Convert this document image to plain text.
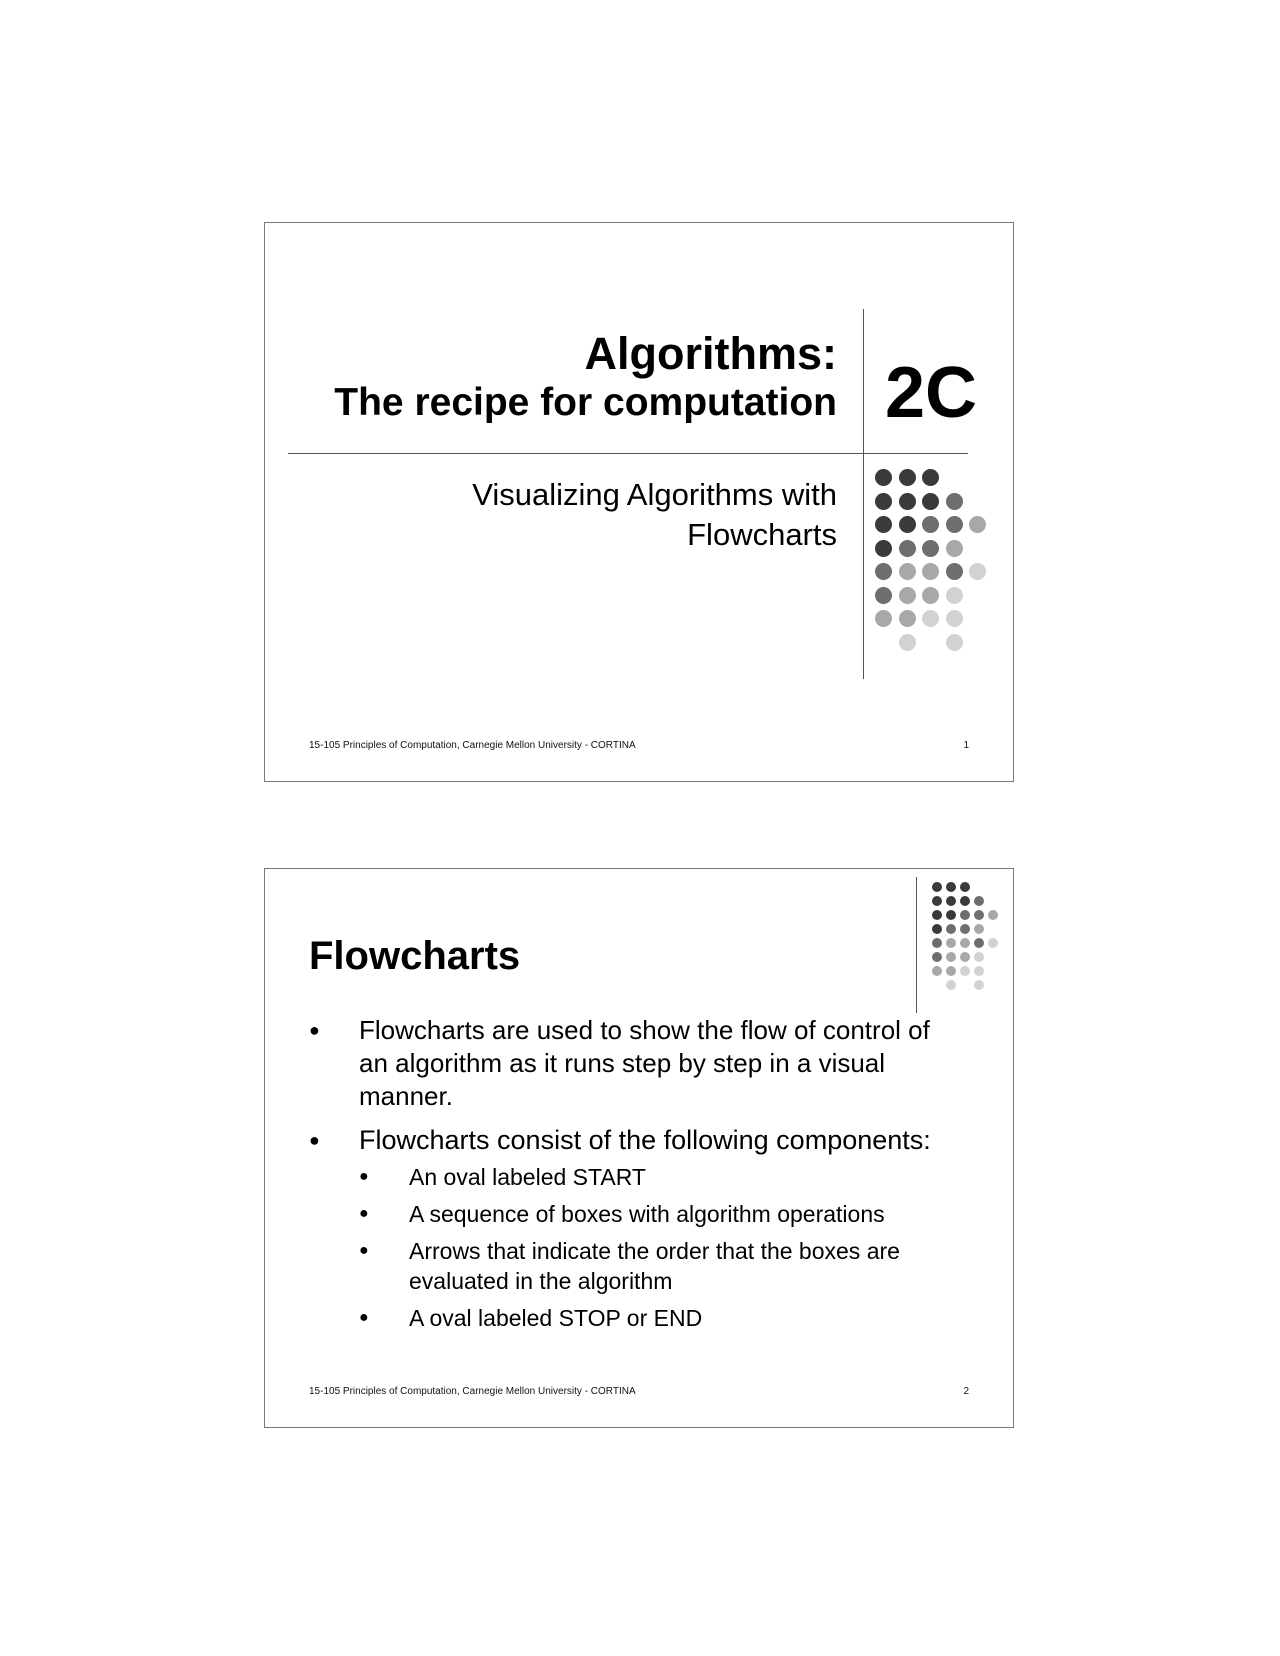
Algorithms:
The recipe for computation 2C
Visualizing Algorithms with Flowcharts
15-105 Principles of Computation, Carnegie Mellon University - CORTINA	1
Flowcharts
● Flowcharts are used to show the flow of control of an algorithm as it runs step by step in a visual manner.
● Flowcharts consist of the following components:
● An oval labeled START
● A sequence of boxes with algorithm operations
● Arrows that indicate the order that the boxes are evaluated in the algorithm
● A oval labeled STOP or END
15-105 Principles of Computation, Carnegie Mellon University - CORTINA	2
